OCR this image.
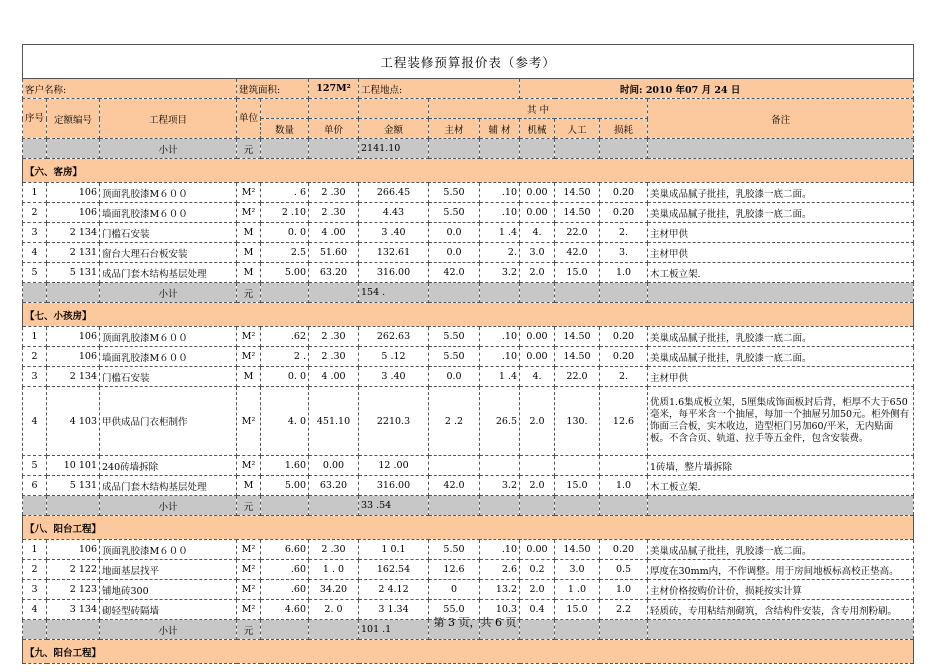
工程装修预算报价表（参考）												
客户名称:			建筑面积:		127M²	工程地点:			时间: 2010 年07 月 24 日			
序号	定额编号	工程项目	单位				其 中					备注
				数量	单价	金额	主材	辅 材	机械	人工	损耗	
		小计	元			2141.10						
【六、客房】												
1	106	顶面乳胶漆M６００	M²	. 6	2 .30	266.45	5.50	.10	0.00	14.50	0.20	美巢成品腻子批挂，乳胶漆一底二面。
2	106	墙面乳胶漆M６００	M²	2 .10	2 .30	4.43	5.50	.10	0.00	14.50	0.20	美巢成品腻子批挂，乳胶漆一底二面。
3	2 134	门槛石安装	M	0. 0	4 .00	3 .40	0.0	1 .4	4.	22.0	2.	主材甲供
4	2 131	窗台大理石台板安装	M	2.5	51.60	132.61	0.0	2.	3.0	42.0	3.	主材甲供
5	5 131	成品门套木结构基层处理	M	5.00	63.20	316.00	42.0	3.2	2.0	15.0	1.0	木工板立架.
		小计	元			154 .						
【七、小孩房】												
1	106	顶面乳胶漆M６００	M²	.62	2 .30	262.63	5.50	.10	0.00	14.50	0.20	美巢成品腻子批挂，乳胶漆一底二面。
2	106	墙面乳胶漆M６００	M²	2 .	2 .30	5 .12	5.50	.10	0.00	14.50	0.20	美巢成品腻子批挂，乳胶漆一底二面。
3	2 134	门槛石安装	M	0. 0	4 .00	3 .40	0.0	1 .4	4.	22.0	2.	主材甲供
4	4 103	甲供成品门衣柜制作	M²	4. 0	451.10	2210.3	2 .2	26.5	2.0	130.	12.6	优质1.6集成板立架，5厘集成饰面板封后背，柜厚不大于650毫米，每平米含一个抽屉，每加一个抽屉另加50元。柜外侧有饰面三合板，实木收边，造型柜门另加60/平米，无内贴面板。不含合页、轨道、拉手等五金件，包含安装费。
5	10 101	240砖墙拆除	M²	1.60	0.00	12 .00						1砖墙，整片墙拆除
6	5 131	成品门套木结构基层处理	M	5.00	63.20	316.00	42.0	3.2	2.0	15.0	1.0	木工板立架.
		小计	元			33 .54						
【八、阳台工程】												
1	106	顶面乳胶漆M６００	M²	6.60	2 .30	1 0.1	5.50	.10	0.00	14.50	0.20	美巢成品腻子批挂，乳胶漆一底二面。
2	2 122	地面基层找平	M²	.60	1 . 0	162.54	12.6	2.6	0.2	3.0	0.5	厚度在30mm内，不作调整。用于房间地板标高校正垫高。
3	2 123	铺地砖300	M²	.60	34.20	2 4.12	0	13.2	2.0	1 .0	1.0	主材价格按购价计价，损耗按实计算
4	3 134	砌轻型砖隔墙	M²	4.60	2. 0	3 1.34	55.0	10.3	0.4	15.0	2.2	轻质砖，专用粘结剂砌筑，含结构件安装，含专用剂粉刷。
		小计	元			101 .1						
【九、阳台工程】												
第 3 页，共 6 页
